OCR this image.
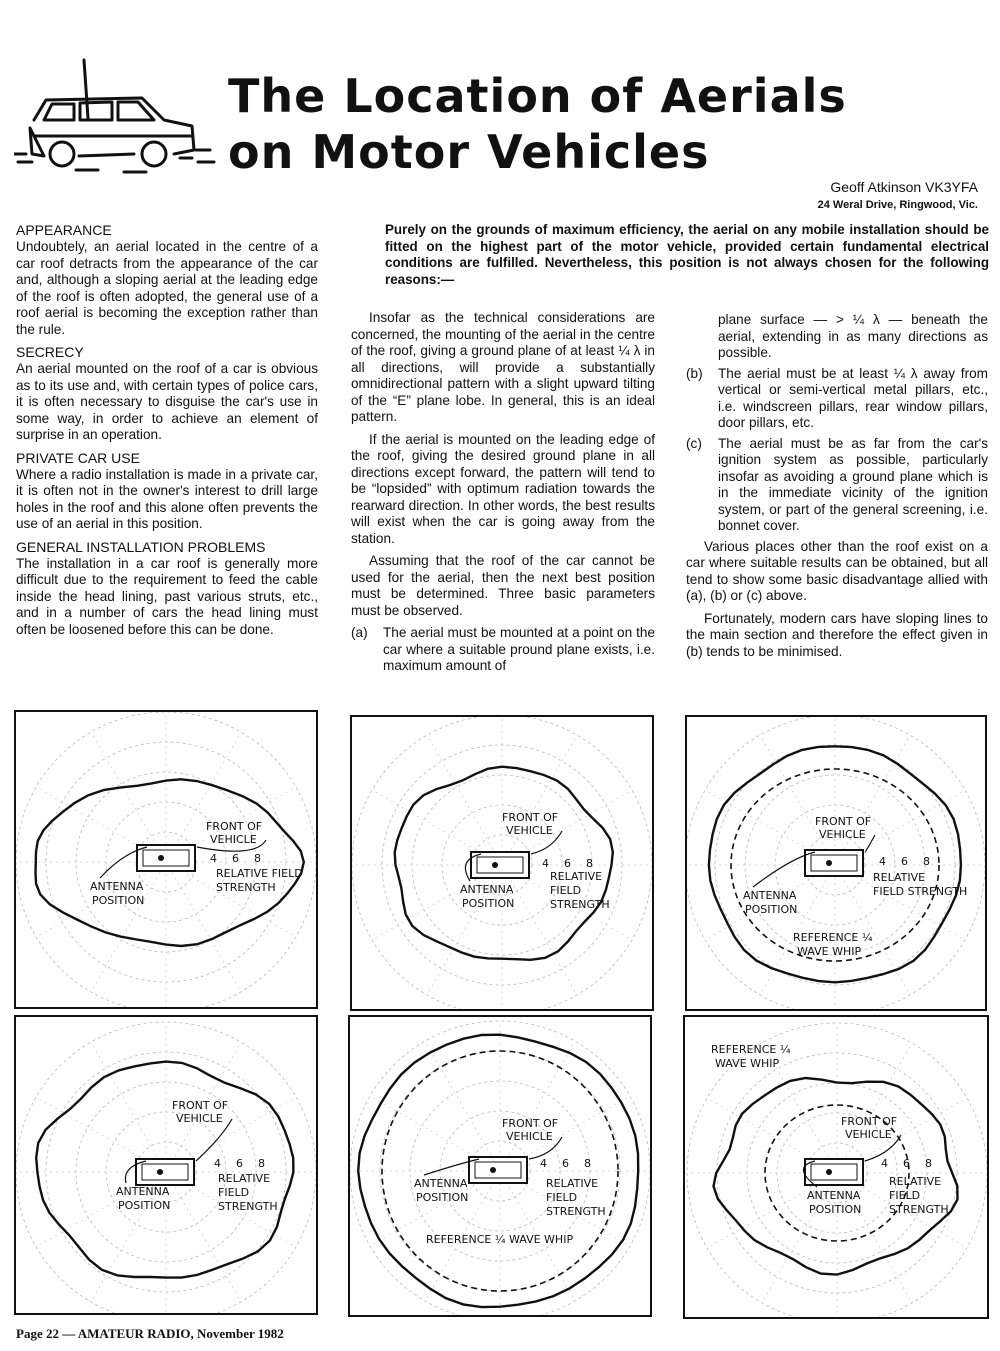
The Location of Aerials
on Motor Vehicles
Geoff Atkinson VK3YFA
24 Weral Drive, Ringwood, Vic.
APPEARANCE

Undoubtely, an aerial located in the centre of a car roof detracts from the appearance of the car and, although a sloping aerial at the leading edge of the roof is often adopted, the general use of a roof aerial is becoming the exception rather than the rule.

SECRECY

An aerial mounted on the roof of a car is obvious as to its use and, with certain types of police cars, it is often necessary to disguise the car's use in some way, in order to achieve an element of surprise in an operation.

PRIVATE CAR USE

Where a radio installation is made in a private car, it is often not in the owner's interest to drill large holes in the roof and this alone often prevents the use of an aerial in this position.

GENERAL INSTALLATION PROBLEMS

The installation in a car roof is generally more difficult due to the requirement to feed the cable inside the head lining, past various struts, etc., and in a number of cars the head lining must often be loosened before this can be done.

Purely on the grounds of maximum efficiency, the aerial on any mobile installation should be fitted on the highest part of the motor vehicle, provided certain fundamental electrical conditions are fulfilled. Nevertheless, this position is not always chosen for the following reasons:—

Insofar as the technical considerations are concerned, the mounting of the aerial in the centre of the roof, giving a ground plane of at least ¼ λ in all directions, will provide a substantially omnidirectional pattern with a slight upward tilting of the “E” plane lobe. In general, this is an ideal pattern.

If the aerial is mounted on the leading edge of the roof, giving the desired ground plane in all directions except forward, the pattern will tend to be “lopsided” with optimum radiation towards the rearward direction. In other words, the best results will exist when the car is going away from the station.

Assuming that the roof of the car cannot be used for the aerial, then the next best position must be determined. Three basic parameters must be observed.

(a)	The aerial must be mounted at a point on the car where a suitable pround plane exists, i.e. maximum amount of
plane surface — > ¼ λ — beneath the aerial, extending in as many directions as possible.
(b)	The aerial must be at least ¼ λ away from vertical or semi-vertical metal pillars, etc., i.e. windscreen pillars, rear window pillars, door pillars, etc.
(c)	The aerial must be as far from the car's ignition system as possible, particularly insofar as avoiding a ground plane which is in the immediate vicinity of the ignition system, or part of the general screening, i.e. bonnet cover.

Various places other than the roof exist on a car where suitable results can be obtained, but all tend to show some basic disadvantage allied with (a), (b) or (c) above.

Fortunately, modern cars have sloping lines to the main section and therefore the effect given in (b) tends to be minimised.

FRONT OF
VEHICLE
ANTENNA
POSITION
4 6 8
RELATIVE FIELD
STRENGTH
FRONT OF
VEHICLE
ANTENNA
POSITION
4 6 8
RELATIVE
FIELD
STRENGTH
FRONT OF
VEHICLE
ANTENNA
POSITION
4 6 8
RELATIVE
FIELD STRENGTH
REFERENCE ¼
WAVE WHIP
FRONT OF
VEHICLE
ANTENNA
POSITION
4 6 8
RELATIVE
FIELD
STRENGTH
FRONT OF
VEHICLE
ANTENNA
POSITION
4 6 8
RELATIVE
FIELD
STRENGTH
REFERENCE ¼ WAVE WHIP
FRONT OF
VEHICLE
ANTENNA
POSITION
4 6 8
RELATIVE
FIELD
STRENGTH
REFERENCE ¼
WAVE WHIP
Page 22 — AMATEUR RADIO, November 1982
